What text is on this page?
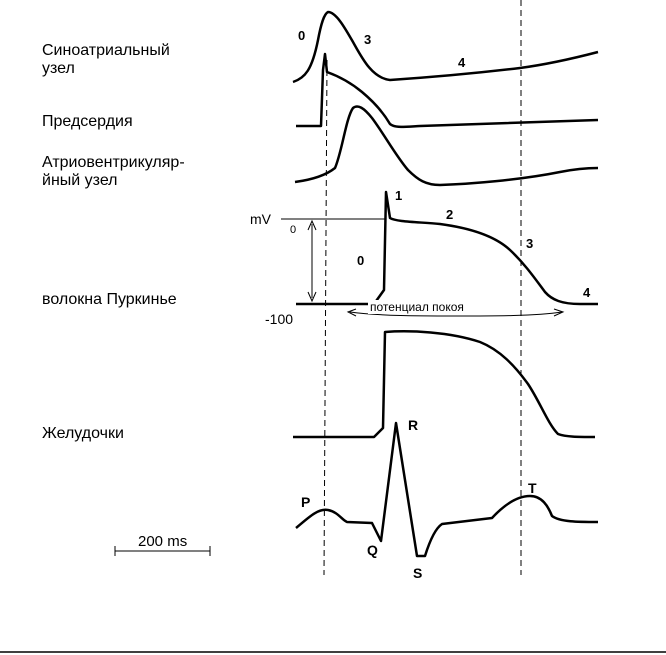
Синоатриальный
узел
Предсердия
Атриовентрикуляр-
йный узел
волокна Пуркинье
Желудочки
0	3
4
1
2
0
3
4
mV
0
-100
потенциал покоя
P
Q
R
S
T
200 ms
